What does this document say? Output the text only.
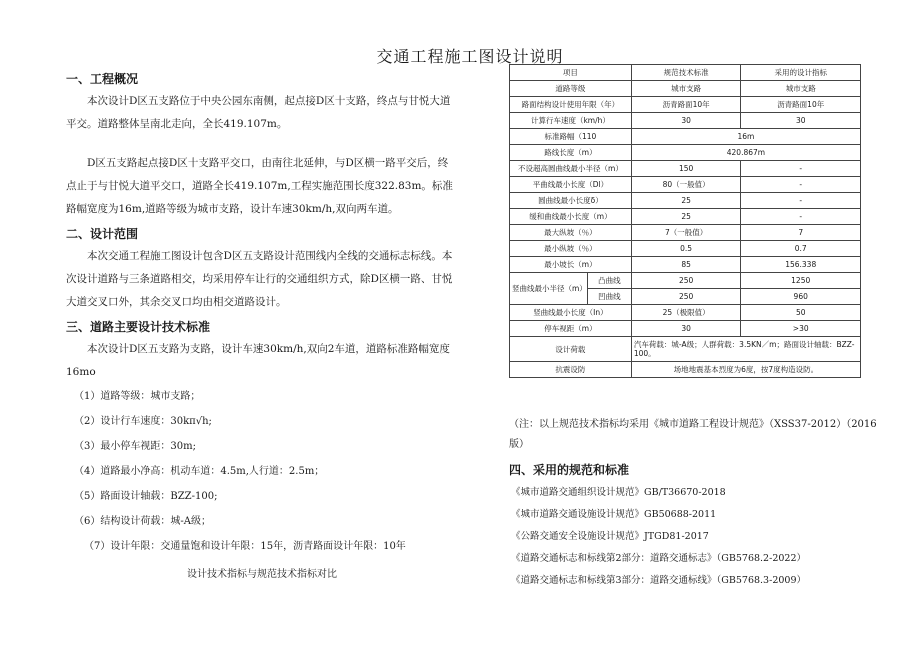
交通工程施工图设计说明

一、工程概况

本次设计D区五支路位于中央公园东南侧，起点接D区十支路，终点与甘悦大道平交。道路整体呈南北走向，全长419.107m。

D区五支路起点接D区十支路平交口，由南往北延伸，与D区横一路平交后，终点止于与甘悦大道平交口，道路全长419.107m,工程实施范围长度322.83m。标准路幅宽度为16m,道路等级为城市支路，设计车速30km/h,双向两车道。

二、设计范围

本次交通工程施工图设计包含D区五支路设计范围线内全线的交通标志标线。本次设计道路与三条道路相交，均采用停车让行的交通组织方式，除D区横一路、甘悦大道交叉口外，其余交叉口均由相交道路设计。

三、道路主要设计技术标准

本次设计D区五支路为支路，设计车速30km/h,双向2车道，道路标准路幅宽度16mo

（1）道路等级：城市支路；

（2）设计行车速度：30kπ√h;

（3）最小停车视距：30m;

（4）道路最小净高：机动车道：4.5m,人行道：2.5m；

（5）路面设计轴载：BZZ-100;

（6）结构设计荷载：城-A级；

（7）设计年限：交通量饱和设计年限：15年，沥青路面设计年限：10年

设计技术指标与规范技术指标对比
项目		规范技术标准	采用的设计指标
道路等级		城市支路	城市支路
路面结构设计使用年限（年）		沥青路面10年	沥青路面10年
计算行车速度（km/h）		30	30
标准路幅（110		16m	
路线长度（m）		420.867m	
不设超高圆曲线最小半径（m）		150	-
平曲线最小长度（Dl）		80（一般值）	-
圆曲线最小长度δ）		25	-
缓和曲线最小长度（m）		25	-
最大纵坡（％）		7（一般值）	7
最小纵坡（％）		0.5	0.7
最小坡长（m）		85	156.338
竖曲线最小半径（m）	凸曲线	250	1250
	凹曲线	250	960
竖曲线最小长度（In）		25（极限值）	50
停车视距（m）		30	>30
设计荷载		汽车荷载：城-A级；人群荷载：3.5KN／m；路面设计轴载：BZZ-100。	
抗震设防		场地地震基本烈度为6度，按7度构造设防。	

（注：以上规范技术指标均采用《城市道路工程设计规范》（XSS37-2012）（2016版）

四、采用的规范和标准

《城市道路交通组织设计规范》GB/T36670-2018

《城市道路交通设施设计规范》GB50688-2011

《公路交通安全设施设计规范》JTGD81-2017

《道路交通标志和标线第2部分：道路交通标志》（GB5768.2-2022）

《道路交通标志和标线第3部分：道路交通标线》（GB5768.3-2009）
